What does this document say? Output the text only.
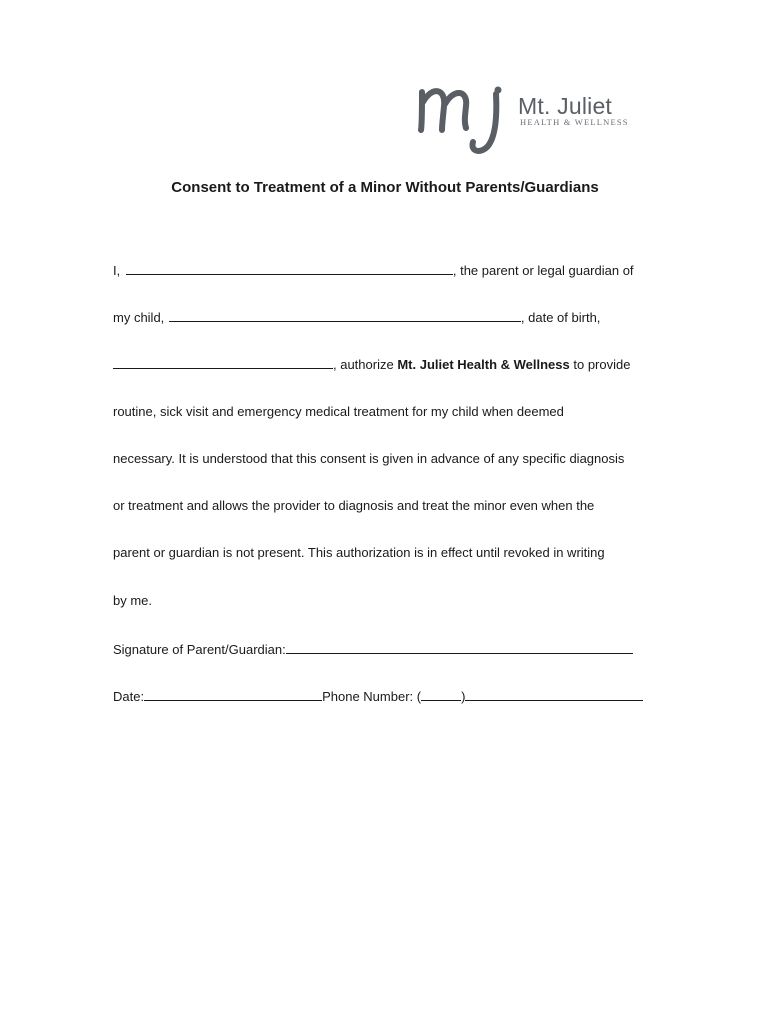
Mt. Juliet
HEALTH & WELLNESS
Consent to Treatment of a Minor Without Parents/Guardians
I,	, the parent or legal guardian of
my child,	, date of birth,
, authorize Mt. Juliet Health & Wellness to provide
routine, sick visit and emergency medical treatment for my child when deemed
necessary. It is understood that this consent is given in advance of any specific diagnosis
or treatment and allows the provider to diagnosis and treat the minor even when the
parent or guardian is not present. This authorization is in effect until revoked in writing
by me.
Signature of Parent/Guardian:
Date:	Phone Number: (	)
